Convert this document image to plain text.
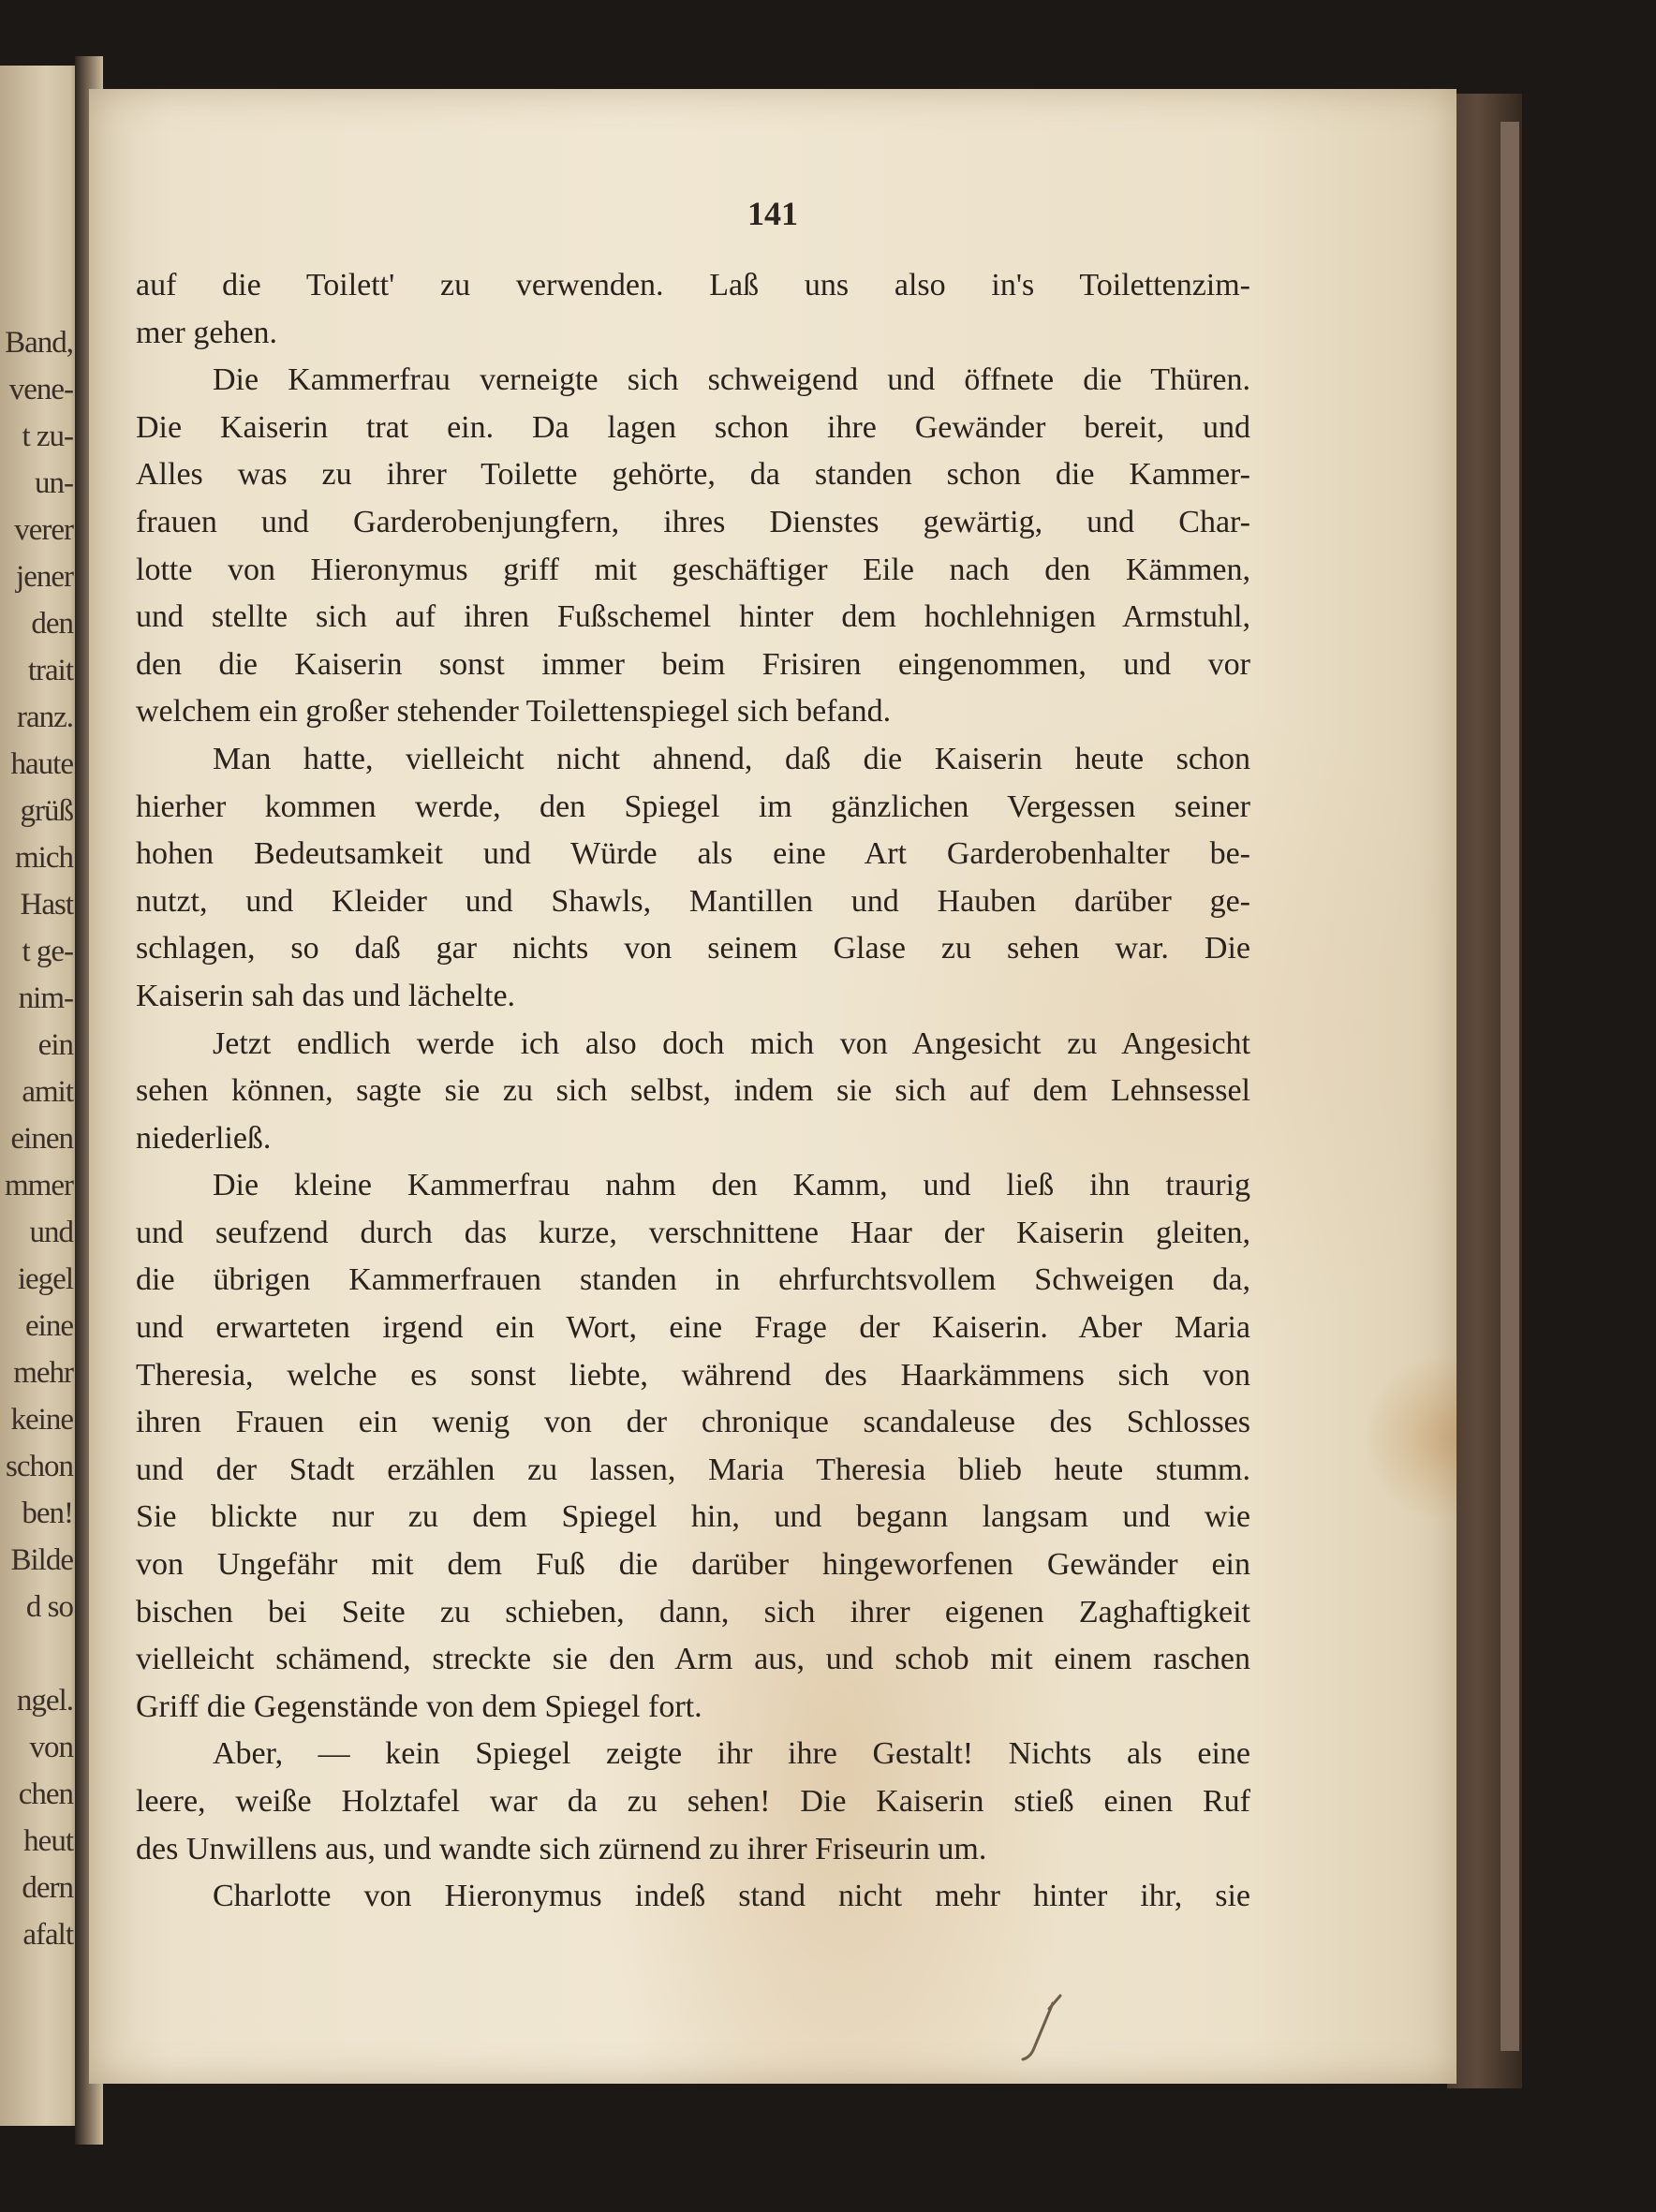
Band,
vene-
t zu-
un-
verer
jener
den
trait
ranz.
haute
grüß
mich
Hast
t ge-
nim-
ein
amit
einen
mmer
und
iegel
eine
mehr
keine
schon
ben!
Bilde
d so
ngel.
von
chen
heut
dern
afalt
141
auf die Toilett' zu verwenden. Laß uns also in's Toilettenzim-
mer gehen.
Die Kammerfrau verneigte sich schweigend und öffnete die Thüren.
Die Kaiserin trat ein. Da lagen schon ihre Gewänder bereit, und
Alles was zu ihrer Toilette gehörte, da standen schon die Kammer-
frauen und Garderobenjungfern, ihres Dienstes gewärtig, und Char-
lotte von Hieronymus griff mit geschäftiger Eile nach den Kämmen,
und stellte sich auf ihren Fußschemel hinter dem hochlehnigen Armstuhl,
den die Kaiserin sonst immer beim Frisiren eingenommen, und vor
welchem ein großer stehender Toilettenspiegel sich befand.
Man hatte, vielleicht nicht ahnend, daß die Kaiserin heute schon
hierher kommen werde, den Spiegel im gänzlichen Vergessen seiner
hohen Bedeutsamkeit und Würde als eine Art Garderobenhalter be-
nutzt, und Kleider und Shawls, Mantillen und Hauben darüber ge-
schlagen, so daß gar nichts von seinem Glase zu sehen war. Die
Kaiserin sah das und lächelte.
Jetzt endlich werde ich also doch mich von Angesicht zu Angesicht
sehen können, sagte sie zu sich selbst, indem sie sich auf dem Lehnsessel
niederließ.
Die kleine Kammerfrau nahm den Kamm, und ließ ihn traurig
und seufzend durch das kurze, verschnittene Haar der Kaiserin gleiten,
die übrigen Kammerfrauen standen in ehrfurchtsvollem Schweigen da,
und erwarteten irgend ein Wort, eine Frage der Kaiserin. Aber Maria
Theresia, welche es sonst liebte, während des Haarkämmens sich von
ihren Frauen ein wenig von der chronique scandaleuse des Schlosses
und der Stadt erzählen zu lassen, Maria Theresia blieb heute stumm.
Sie blickte nur zu dem Spiegel hin, und begann langsam und wie
von Ungefähr mit dem Fuß die darüber hingeworfenen Gewänder ein
bischen bei Seite zu schieben, dann, sich ihrer eigenen Zaghaftigkeit
vielleicht schämend, streckte sie den Arm aus, und schob mit einem raschen
Griff die Gegenstände von dem Spiegel fort.
Aber, — kein Spiegel zeigte ihr ihre Gestalt! Nichts als eine
leere, weiße Holztafel war da zu sehen! Die Kaiserin stieß einen Ruf
des Unwillens aus, und wandte sich zürnend zu ihrer Friseurin um.
Charlotte von Hieronymus indeß stand nicht mehr hinter ihr, sie
